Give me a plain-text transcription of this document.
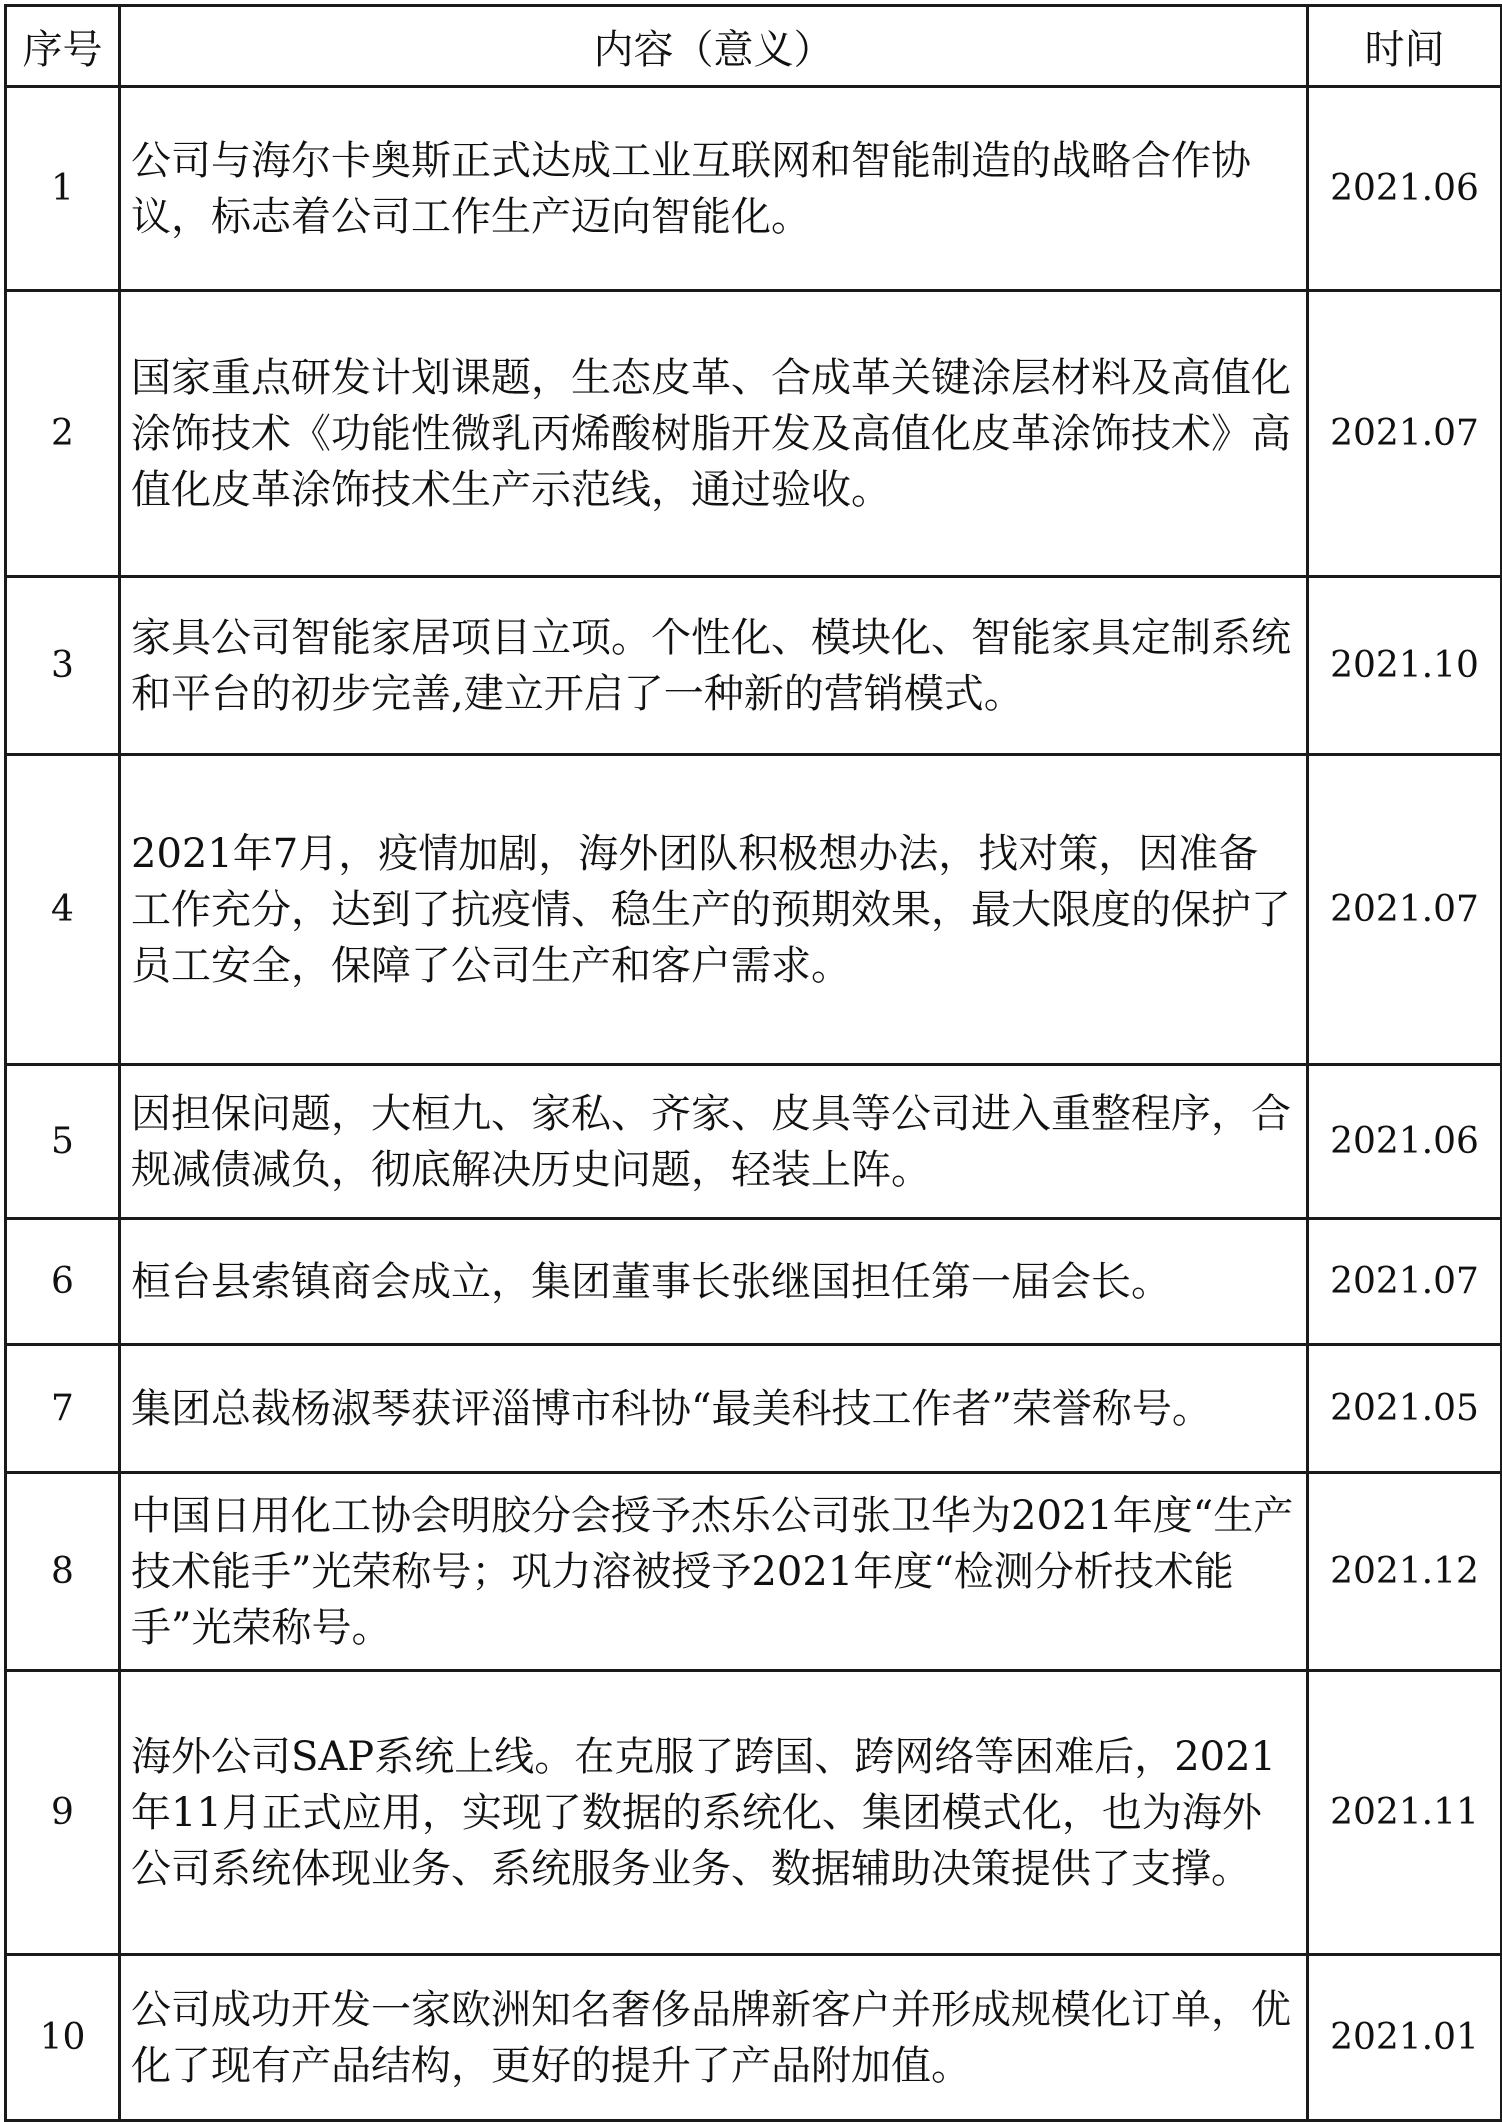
序号	内容（意义）	时间
1	公司与海尔卡奥斯正式达成工业互联网和智能制造的战略合作协议，标志着公司工作生产迈向智能化。	2021.06
2	国家重点研发计划课题，生态皮革、合成革关键涂层材料及高值化涂饰技术《功能性微乳丙烯酸树脂开发及高值化皮革涂饰技术》高值化皮革涂饰技术生产示范线，通过验收。	2021.07
3	家具公司智能家居项目立项。个性化、模块化、智能家具定制系统和平台的初步完善,建立开启了一种新的营销模式。	2021.10
4	2021年7月，疫情加剧，海外团队积极想办法，找对策，因准备工作充分，达到了抗疫情、稳生产的预期效果，最大限度的保护了员工安全，保障了公司生产和客户需求。	2021.07
5	因担保问题，大桓九、家私、齐家、皮具等公司进入重整程序，合规减债减负，彻底解决历史问题，轻装上阵。	2021.06
6	桓台县索镇商会成立，集团董事长张继国担任第一届会长。	2021.07
7	集团总裁杨淑琴获评淄博市科协“最美科技工作者”荣誉称号。	2021.05
8	中国日用化工协会明胶分会授予杰乐公司张卫华为2021年度“生产技术能手”光荣称号；巩力溶被授予2021年度“检测分析技术能手”光荣称号。	2021.12
9	海外公司SAP系统上线。在克服了跨国、跨网络等困难后，2021年11月正式应用，实现了数据的系统化、集团模式化，也为海外公司系统体现业务、系统服务业务、数据辅助决策提供了支撑。	2021.11
10	公司成功开发一家欧洲知名奢侈品牌新客户并形成规模化订单，优化了现有产品结构，更好的提升了产品附加值。	2021.01
